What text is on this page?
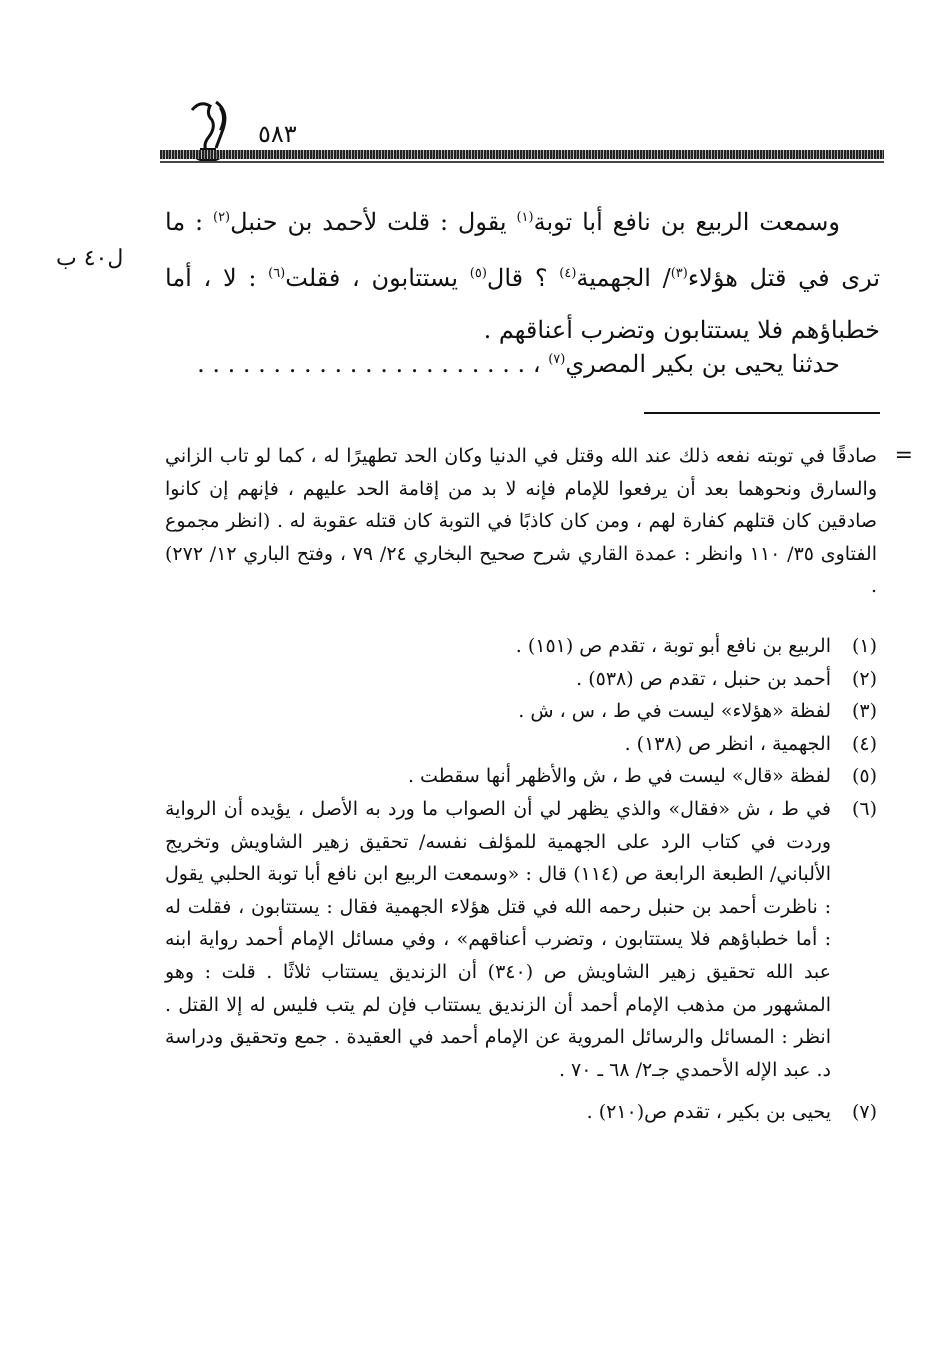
٥٨٣
وسمعت الربيع بن نافع أبا توبة$^{(١)}$ يقول : قلت لأحمد بن حنبل$^{(٢)}$ : ما ترى في قتل هؤلاء$^{(٣)}$/ الجهمية$^{(٤)}$ ؟ قال$^{(٥)}$ يستتابون ، فقلت$^{(٦)}$ : لا ، أما خطباؤهم فلا يستتابون وتضرب أعناقهم .
حدثنا يحيى بن بكير المصري$^{(٧)}$ ، . . . . . . . . . . . . . . . . . . . . . .
ل٤٠ ب
=
صادقًا في توبته نفعه ذلك عند الله وقتل في الدنيا وكان الحد تطهيرًا له ، كما لو تاب الزاني والسارق ونحوهما بعد أن يرفعوا للإمام فإنه لا بد من إقامة الحد عليهم ، فإنهم إن كانوا صادقين كان قتلهم كفارة لهم ، ومن كان كاذبًا في التوبة كان قتله عقوبة له . (انظر مجموع الفتاوى ٣٥/ ١١٠ وانظر : عمدة القاري شرح صحيح البخاري ٢٤/ ٧٩ ، وفتح الباري ١٢/ ٢٧٢) .
(١)
الربيع بن نافع أبو توبة ، تقدم ص (١٥١) .
(٢)
أحمد بن حنبل ، تقدم ص (٥٣٨) .
(٣)
لفظة «هؤلاء» ليست في ط ، س ، ش .
(٤)
الجهمية ، انظر ص (١٣٨) .
(٥)
لفظة «قال» ليست في ط ، ش والأظهر أنها سقطت .
(٦)
في ط ، ش «فقال» والذي يظهر لي أن الصواب ما ورد به الأصل ، يؤيده أن الرواية وردت في كتاب الرد على الجهمية للمؤلف نفسه/ تحقيق زهير الشاويش وتخريج الألباني/ الطبعة الرابعة ص (١١٤) قال : «وسمعت الربيع ابن نافع أبا توبة الحلبي يقول : ناظرت أحمد بن حنبل رحمه الله في قتل هؤلاء الجهمية فقال : يستتابون ، فقلت له : أما خطباؤهم فلا يستتابون ، وتضرب أعناقهم» ، وفي مسائل الإمام أحمد رواية ابنه عبد الله تحقيق زهير الشاويش ص (٣٤٠) أن الزنديق يستتاب ثلاثًا . قلت : وهو المشهور من مذهب الإمام أحمد أن الزنديق يستتاب فإن لم يتب فليس له إلا القتل . انظر : المسائل والرسائل المروية عن الإمام أحمد في العقيدة . جمع وتحقيق ودراسة د. عبد الإله الأحمدي جـ٢/ ٦٨ ـ ٧٠ .
(٧)
يحيى بن بكير ، تقدم ص(٢١٠) .
